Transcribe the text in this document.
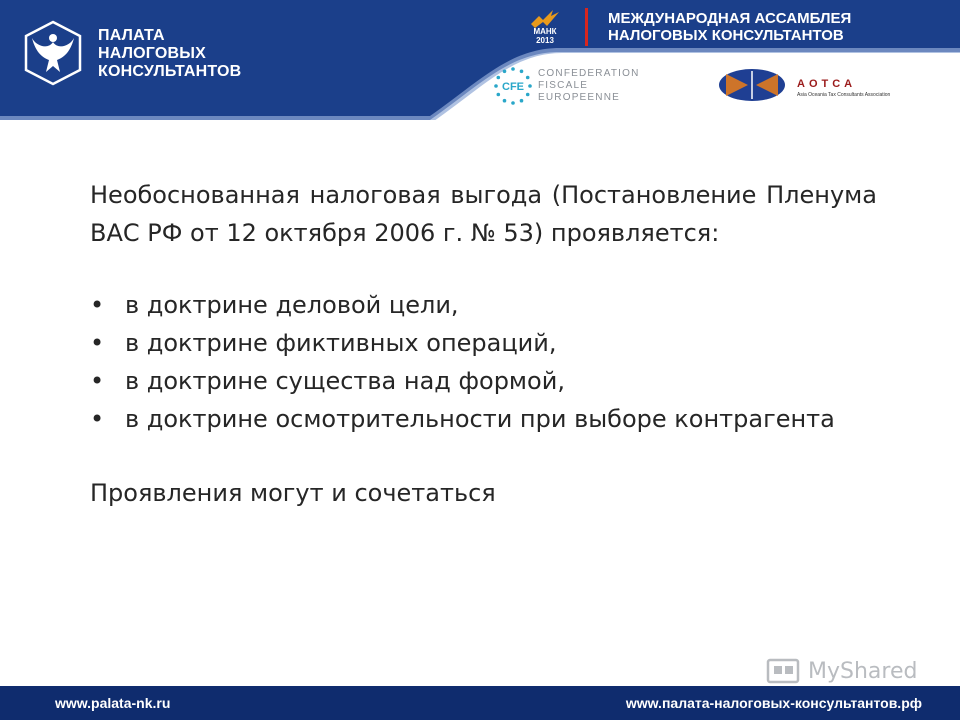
ПАЛАТА
НАЛОГОВЫХ
КОНСУЛЬТАНТОВ
МАНК
2013
МЕЖДУНАРОДНАЯ АССАМБЛЕЯ
НАЛОГОВЫХ КОНСУЛЬТАНТОВ
CFE
CONFEDERATION
FISCALE
EUROPEENNE
AOTCA
Asia Oceania Tax Consultants Association

Необоснованная налоговая выгода (Постановление Пленума ВАС РФ от 12 октября 2006 г. № 53) проявляется:

• в доктрине деловой цели,
• в доктрине фиктивных операций,
• в доктрине существа над формой,
• в доктрине осмотрительности при выборе контрагента

Проявления могут и сочетаться

MyShared
www.palata-nk.ru	www.палата-налоговых-консультантов.рф
